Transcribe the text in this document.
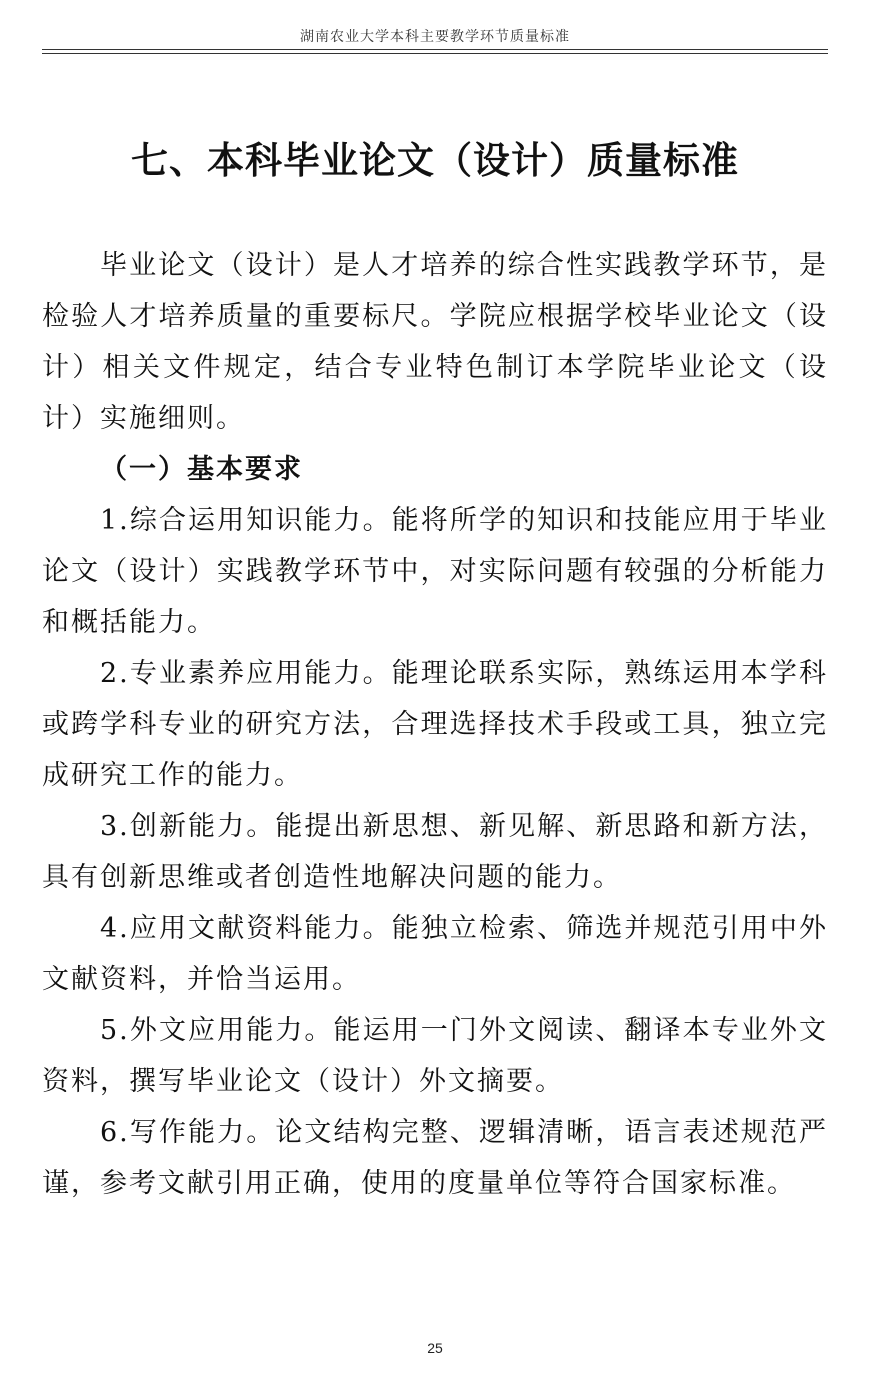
湖南农业大学本科主要教学环节质量标准
七、本科毕业论文（设计）质量标准

毕业论文（设计）是人才培养的综合性实践教学环节，是检验人才培养质量的重要标尺。学院应根据学校毕业论文（设计）相关文件规定，结合专业特色制订本学院毕业论文（设计）实施细则。

（一）基本要求

1.综合运用知识能力。能将所学的知识和技能应用于毕业论文（设计）实践教学环节中，对实际问题有较强的分析能力和概括能力。

2.专业素养应用能力。能理论联系实际，熟练运用本学科或跨学科专业的研究方法，合理选择技术手段或工具，独立完成研究工作的能力。

3.创新能力。能提出新思想、新见解、新思路和新方法，具有创新思维或者创造性地解决问题的能力。

4.应用文献资料能力。能独立检索、筛选并规范引用中外文献资料，并恰当运用。

5.外文应用能力。能运用一门外文阅读、翻译本专业外文资料，撰写毕业论文（设计）外文摘要。

6.写作能力。论文结构完整、逻辑清晰，语言表述规范严谨，参考文献引用正确，使用的度量单位等符合国家标准。

25
